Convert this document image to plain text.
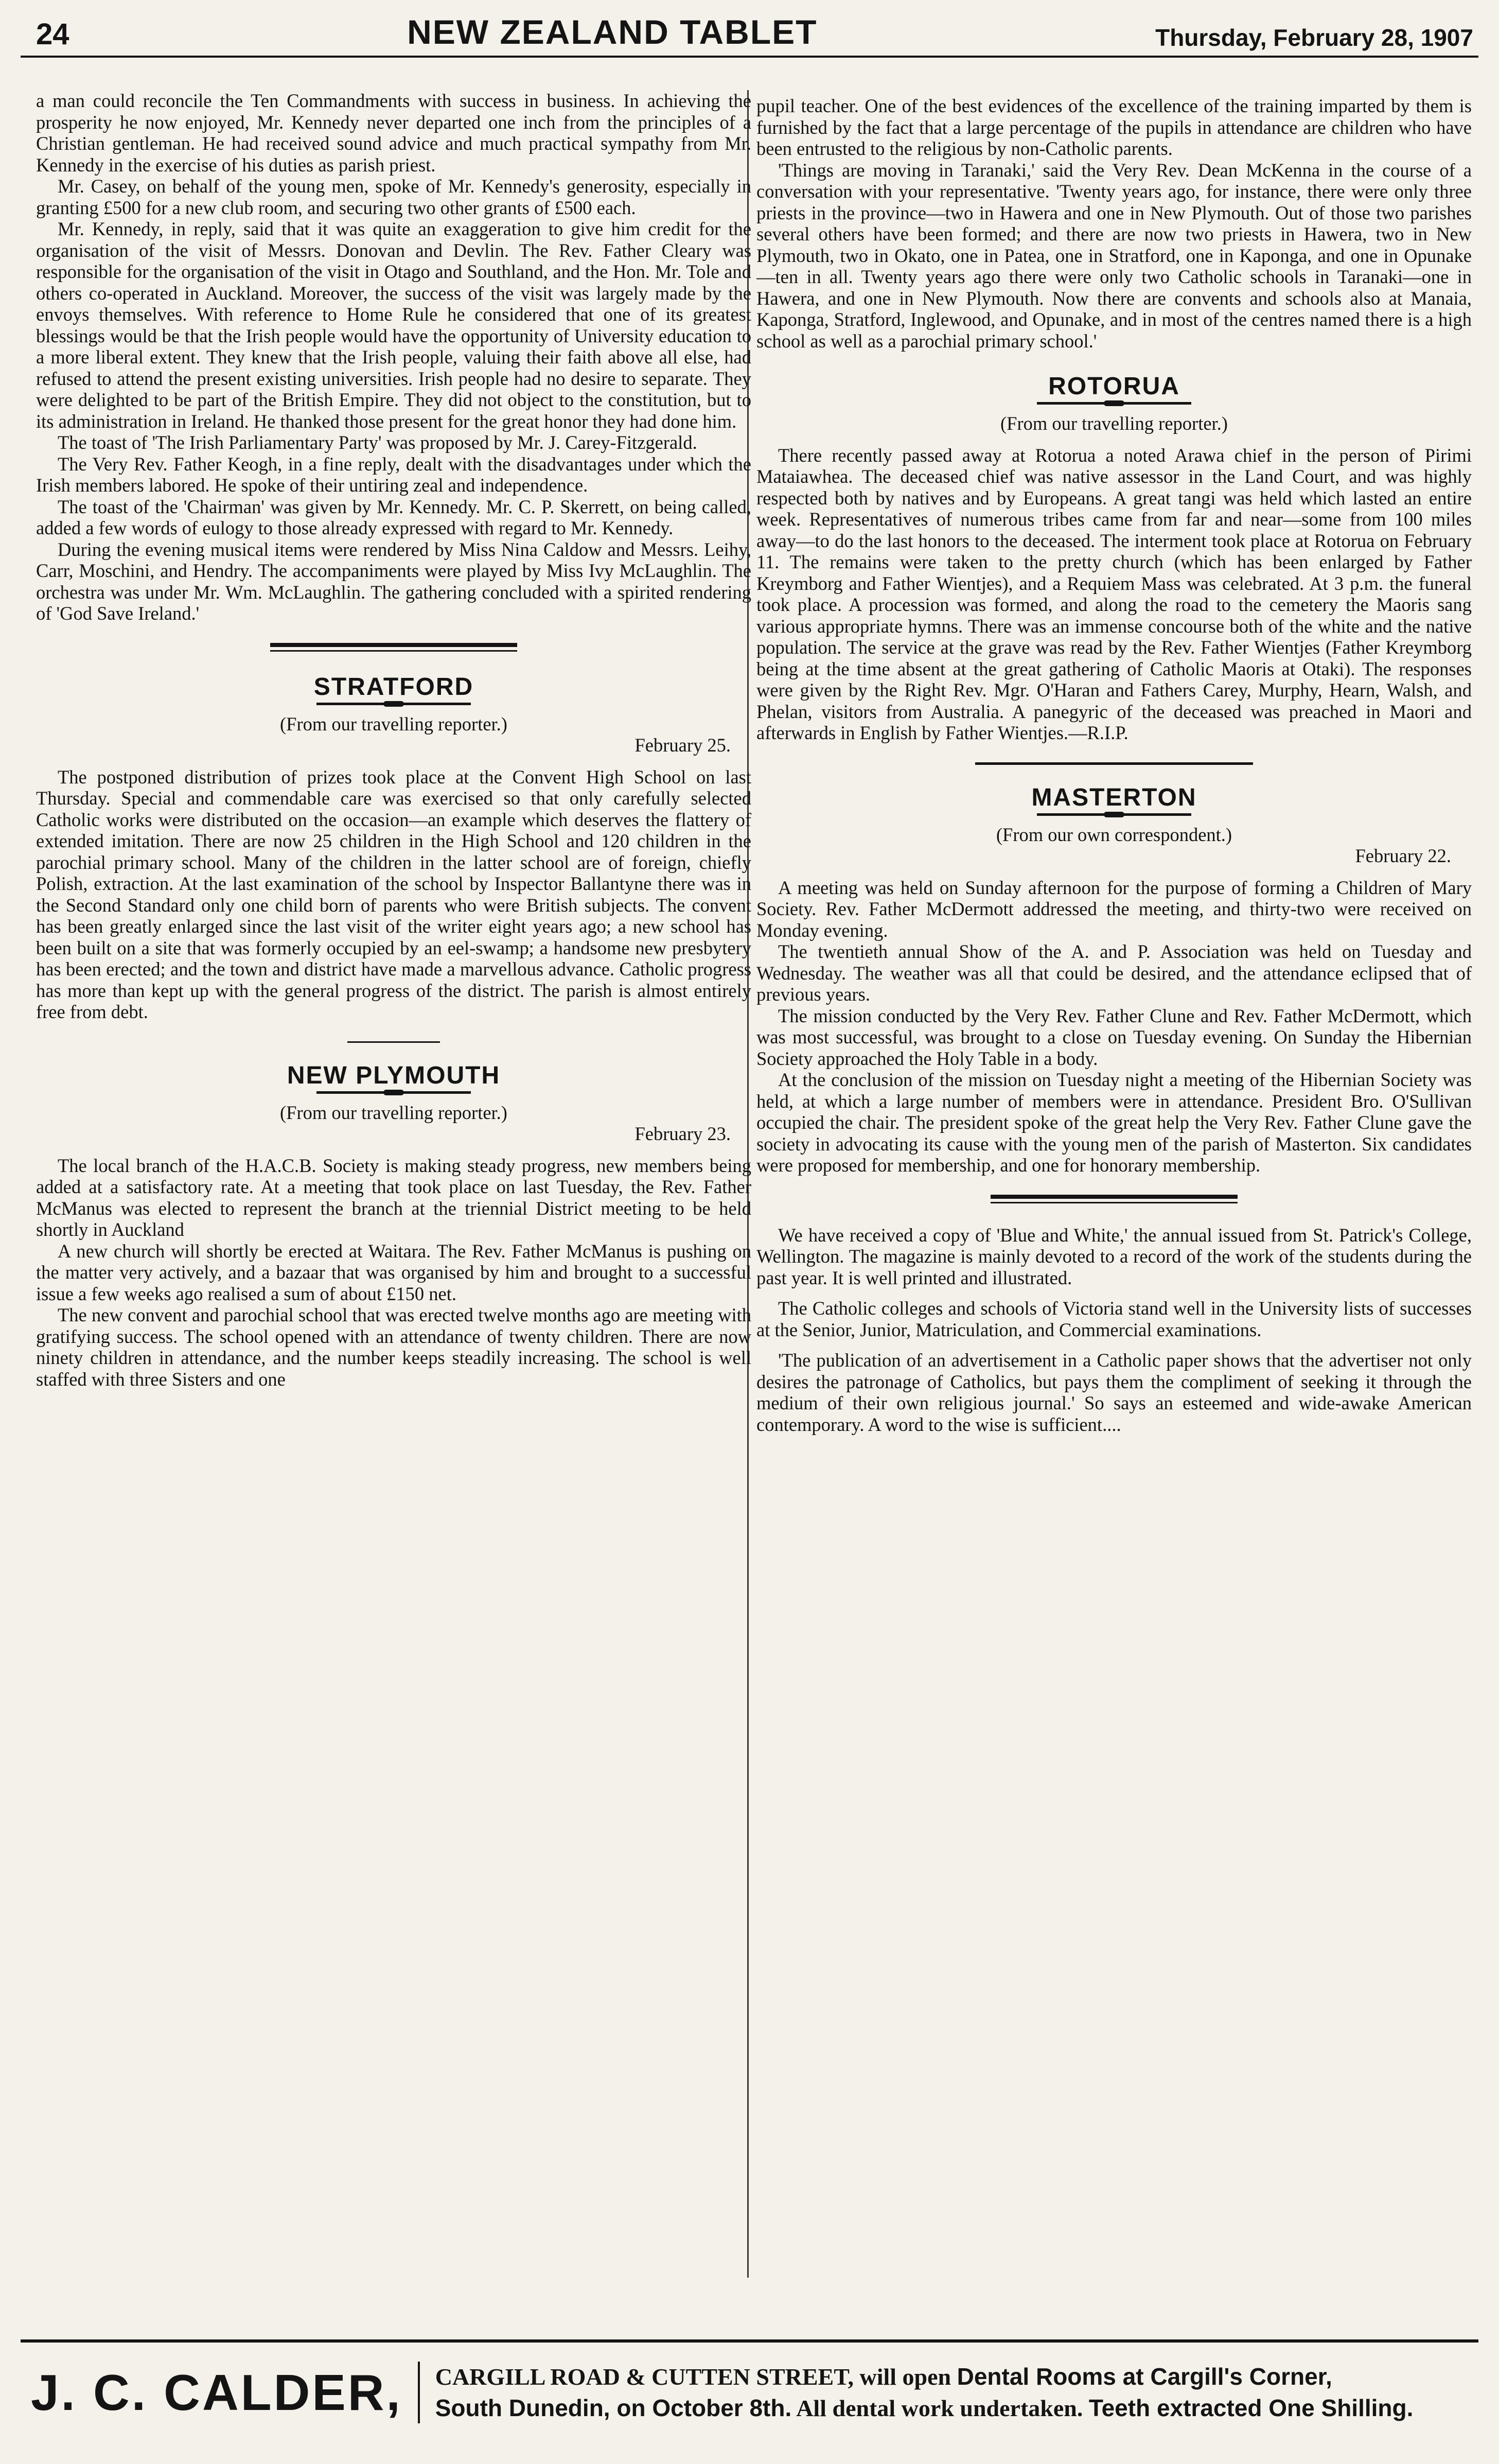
24	NEW ZEALAND TABLET	Thursday, February 28, 1907

a man could reconcile the Ten Commandments with success in business. In achieving the prosperity he now enjoyed, Mr. Kennedy never departed one inch from the principles of a Christian gentleman. He had received sound advice and much practical sympathy from Mr. Kennedy in the exercise of his duties as parish priest.

Mr. Casey, on behalf of the young men, spoke of Mr. Kennedy's generosity, especially in granting £500 for a new club room, and securing two other grants of £500 each.

Mr. Kennedy, in reply, said that it was quite an exaggeration to give him credit for the organisation of the visit of Messrs. Donovan and Devlin. The Rev. Father Cleary was responsible for the organisation of the visit in Otago and Southland, and the Hon. Mr. Tole and others co-operated in Auckland. Moreover, the success of the visit was largely made by the envoys themselves. With reference to Home Rule he considered that one of its greatest blessings would be that the Irish people would have the opportunity of University education to a more liberal extent. They knew that the Irish people, valuing their faith above all else, had refused to attend the present existing universities. Irish people had no desire to separate. They were delighted to be part of the British Empire. They did not object to the constitution, but to its administration in Ireland. He thanked those present for the great honor they had done him.

The toast of 'The Irish Parliamentary Party' was proposed by Mr. J. Carey-Fitzgerald.

The Very Rev. Father Keogh, in a fine reply, dealt with the disadvantages under which the Irish members labored. He spoke of their untiring zeal and independence.

The toast of the 'Chairman' was given by Mr. Kennedy. Mr. C. P. Skerrett, on being called, added a few words of eulogy to those already expressed with regard to Mr. Kennedy.

During the evening musical items were rendered by Miss Nina Caldow and Messrs. Leihy, Carr, Moschini, and Hendry. The accompaniments were played by Miss Ivy McLaughlin. The orchestra was under Mr. Wm. McLaughlin. The gathering concluded with a spirited rendering of 'God Save Ireland.'

STRATFORD

(From our travelling reporter.)

February 25.

The postponed distribution of prizes took place at the Convent High School on last Thursday. Special and commendable care was exercised so that only carefully selected Catholic works were distributed on the occasion—an example which deserves the flattery of extended imitation. There are now 25 children in the High School and 120 children in the parochial primary school. Many of the children in the latter school are of foreign, chiefly Polish, extraction. At the last examination of the school by Inspector Ballantyne there was in the Second Standard only one child born of parents who were British subjects. The convent has been greatly enlarged since the last visit of the writer eight years ago; a new school has been built on a site that was formerly occupied by an eel-swamp; a handsome new presbytery has been erected; and the town and district have made a marvellous advance. Catholic progress has more than kept up with the general progress of the district. The parish is almost entirely free from debt.

NEW PLYMOUTH

(From our travelling reporter.)

February 23.

The local branch of the H.A.C.B. Society is making steady progress, new members being added at a satisfactory rate. At a meeting that took place on last Tuesday, the Rev. Father McManus was elected to represent the branch at the triennial District meeting to be held shortly in Auckland

A new church will shortly be erected at Waitara. The Rev. Father McManus is pushing on the matter very actively, and a bazaar that was organised by him and brought to a successful issue a few weeks ago realised a sum of about £150 net.

The new convent and parochial school that was erected twelve months ago are meeting with gratifying success. The school opened with an attendance of twenty children. There are now ninety children in attendance, and the number keeps steadily increasing. The school is well staffed with three Sisters and one

pupil teacher. One of the best evidences of the excellence of the training imparted by them is furnished by the fact that a large percentage of the pupils in attendance are children who have been entrusted to the religious by non-Catholic parents.

'Things are moving in Taranaki,' said the Very Rev. Dean McKenna in the course of a conversation with your representative. 'Twenty years ago, for instance, there were only three priests in the province—two in Hawera and one in New Plymouth. Out of those two parishes several others have been formed; and there are now two priests in Hawera, two in New Plymouth, two in Okato, one in Patea, one in Stratford, one in Kaponga, and one in Opunake—ten in all. Twenty years ago there were only two Catholic schools in Taranaki—one in Hawera, and one in New Plymouth. Now there are convents and schools also at Manaia, Kaponga, Stratford, Inglewood, and Opunake, and in most of the centres named there is a high school as well as a parochial primary school.'

ROTORUA

(From our travelling reporter.)

There recently passed away at Rotorua a noted Arawa chief in the person of Pirimi Mataiawhea. The deceased chief was native assessor in the Land Court, and was highly respected both by natives and by Europeans. A great tangi was held which lasted an entire week. Representatives of numerous tribes came from far and near—some from 100 miles away—to do the last honors to the deceased. The interment took place at Rotorua on February 11. The remains were taken to the pretty church (which has been enlarged by Father Kreymborg and Father Wientjes), and a Requiem Mass was celebrated. At 3 p.m. the funeral took place. A procession was formed, and along the road to the cemetery the Maoris sang various appropriate hymns. There was an immense concourse both of the white and the native population. The service at the grave was read by the Rev. Father Wientjes (Father Kreymborg being at the time absent at the great gathering of Catholic Maoris at Otaki). The responses were given by the Right Rev. Mgr. O'Haran and Fathers Carey, Murphy, Hearn, Walsh, and Phelan, visitors from Australia. A panegyric of the deceased was preached in Maori and afterwards in English by Father Wientjes.—R.I.P.

MASTERTON

(From our own correspondent.)

February 22.

A meeting was held on Sunday afternoon for the purpose of forming a Children of Mary Society. Rev. Father McDermott addressed the meeting, and thirty-two were received on Monday evening.

The twentieth annual Show of the A. and P. Association was held on Tuesday and Wednesday. The weather was all that could be desired, and the attendance eclipsed that of previous years.

The mission conducted by the Very Rev. Father Clune and Rev. Father McDermott, which was most successful, was brought to a close on Tuesday evening. On Sunday the Hibernian Society approached the Holy Table in a body.

At the conclusion of the mission on Tuesday night a meeting of the Hibernian Society was held, at which a large number of members were in attendance. President Bro. O'Sullivan occupied the chair. The president spoke of the great help the Very Rev. Father Clune gave the society in advocating its cause with the young men of the parish of Masterton. Six candidates were proposed for membership, and one for honorary membership.

We have received a copy of 'Blue and White,' the annual issued from St. Patrick's College, Wellington. The magazine is mainly devoted to a record of the work of the students during the past year. It is well printed and illustrated.

The Catholic colleges and schools of Victoria stand well in the University lists of successes at the Senior, Junior, Matriculation, and Commercial examinations.

'The publication of an advertisement in a Catholic paper shows that the advertiser not only desires the patronage of Catholics, but pays them the compliment of seeking it through the medium of their own religious journal.' So says an esteemed and wide-awake American contemporary. A word to the wise is sufficient....

J. C. CALDER,	CARGILL ROAD & CUTTEN STREET, will open Dental Rooms at Cargill's Corner,
South Dunedin, on October 8th. All dental work undertaken. Teeth extracted One Shilling.
